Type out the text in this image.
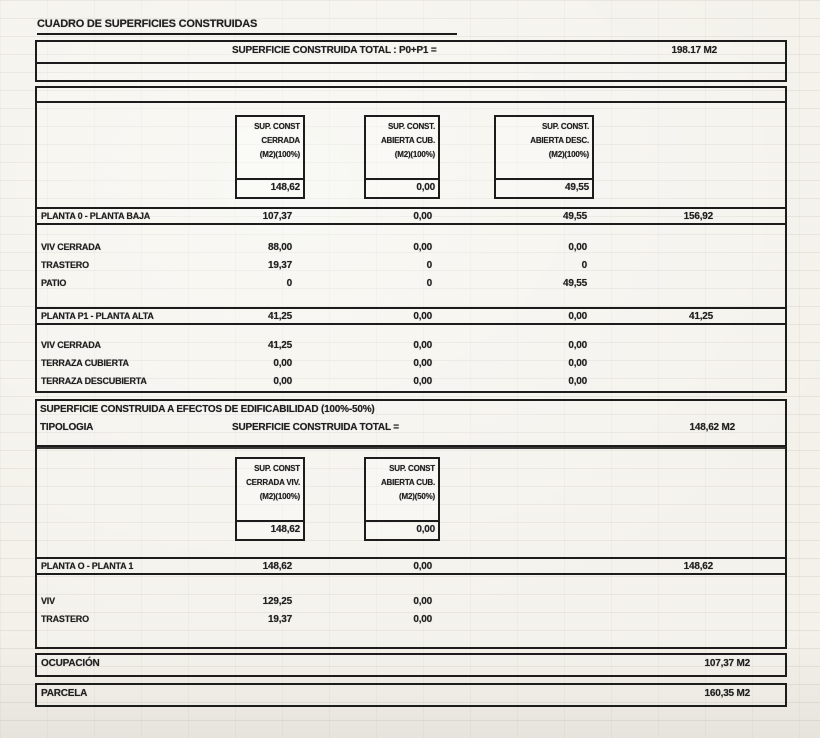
CUADRO DE SUPERFICIES CONSTRUIDAS
SUPERFICIE CONSTRUIDA TOTAL : P0+P1 =	198.17 M2
SUP. CONST
CERRADA
(M2)(100%)
148,62
SUP. CONST.
ABIERTA CUB.
(M2)(100%)
0,00
SUP. CONST.
ABIERTA DESC.
(M2)(100%)
49,55
PLANTA 0 - PLANTA BAJA	107,37	0,00	49,55	156,92
VIV CERRADA	88,00	0,00	0,00
TRASTERO	19,37	0	0
PATIO	0	0	49,55
PLANTA P1 - PLANTA ALTA	41,25	0,00	0,00	41,25
VIV CERRADA	41,25	0,00	0,00
TERRAZA CUBIERTA	0,00	0,00	0,00
TERRAZA DESCUBIERTA	0,00	0,00	0,00
SUPERFICIE CONSTRUIDA A EFECTOS DE EDIFICABILIDAD (100%-50%)
TIPOLOGIA	SUPERFICIE CONSTRUIDA TOTAL =	148,62 M2
SUP. CONST
CERRADA VIV.
(M2)(100%)
148,62
SUP. CONST
ABIERTA CUB.
(M2)(50%)
0,00
PLANTA O - PLANTA 1	148,62	0,00	148,62
VIV	129,25	0,00
TRASTERO	19,37	0,00
OCUPACIÓN	107,37 M2
PARCELA	160,35 M2
